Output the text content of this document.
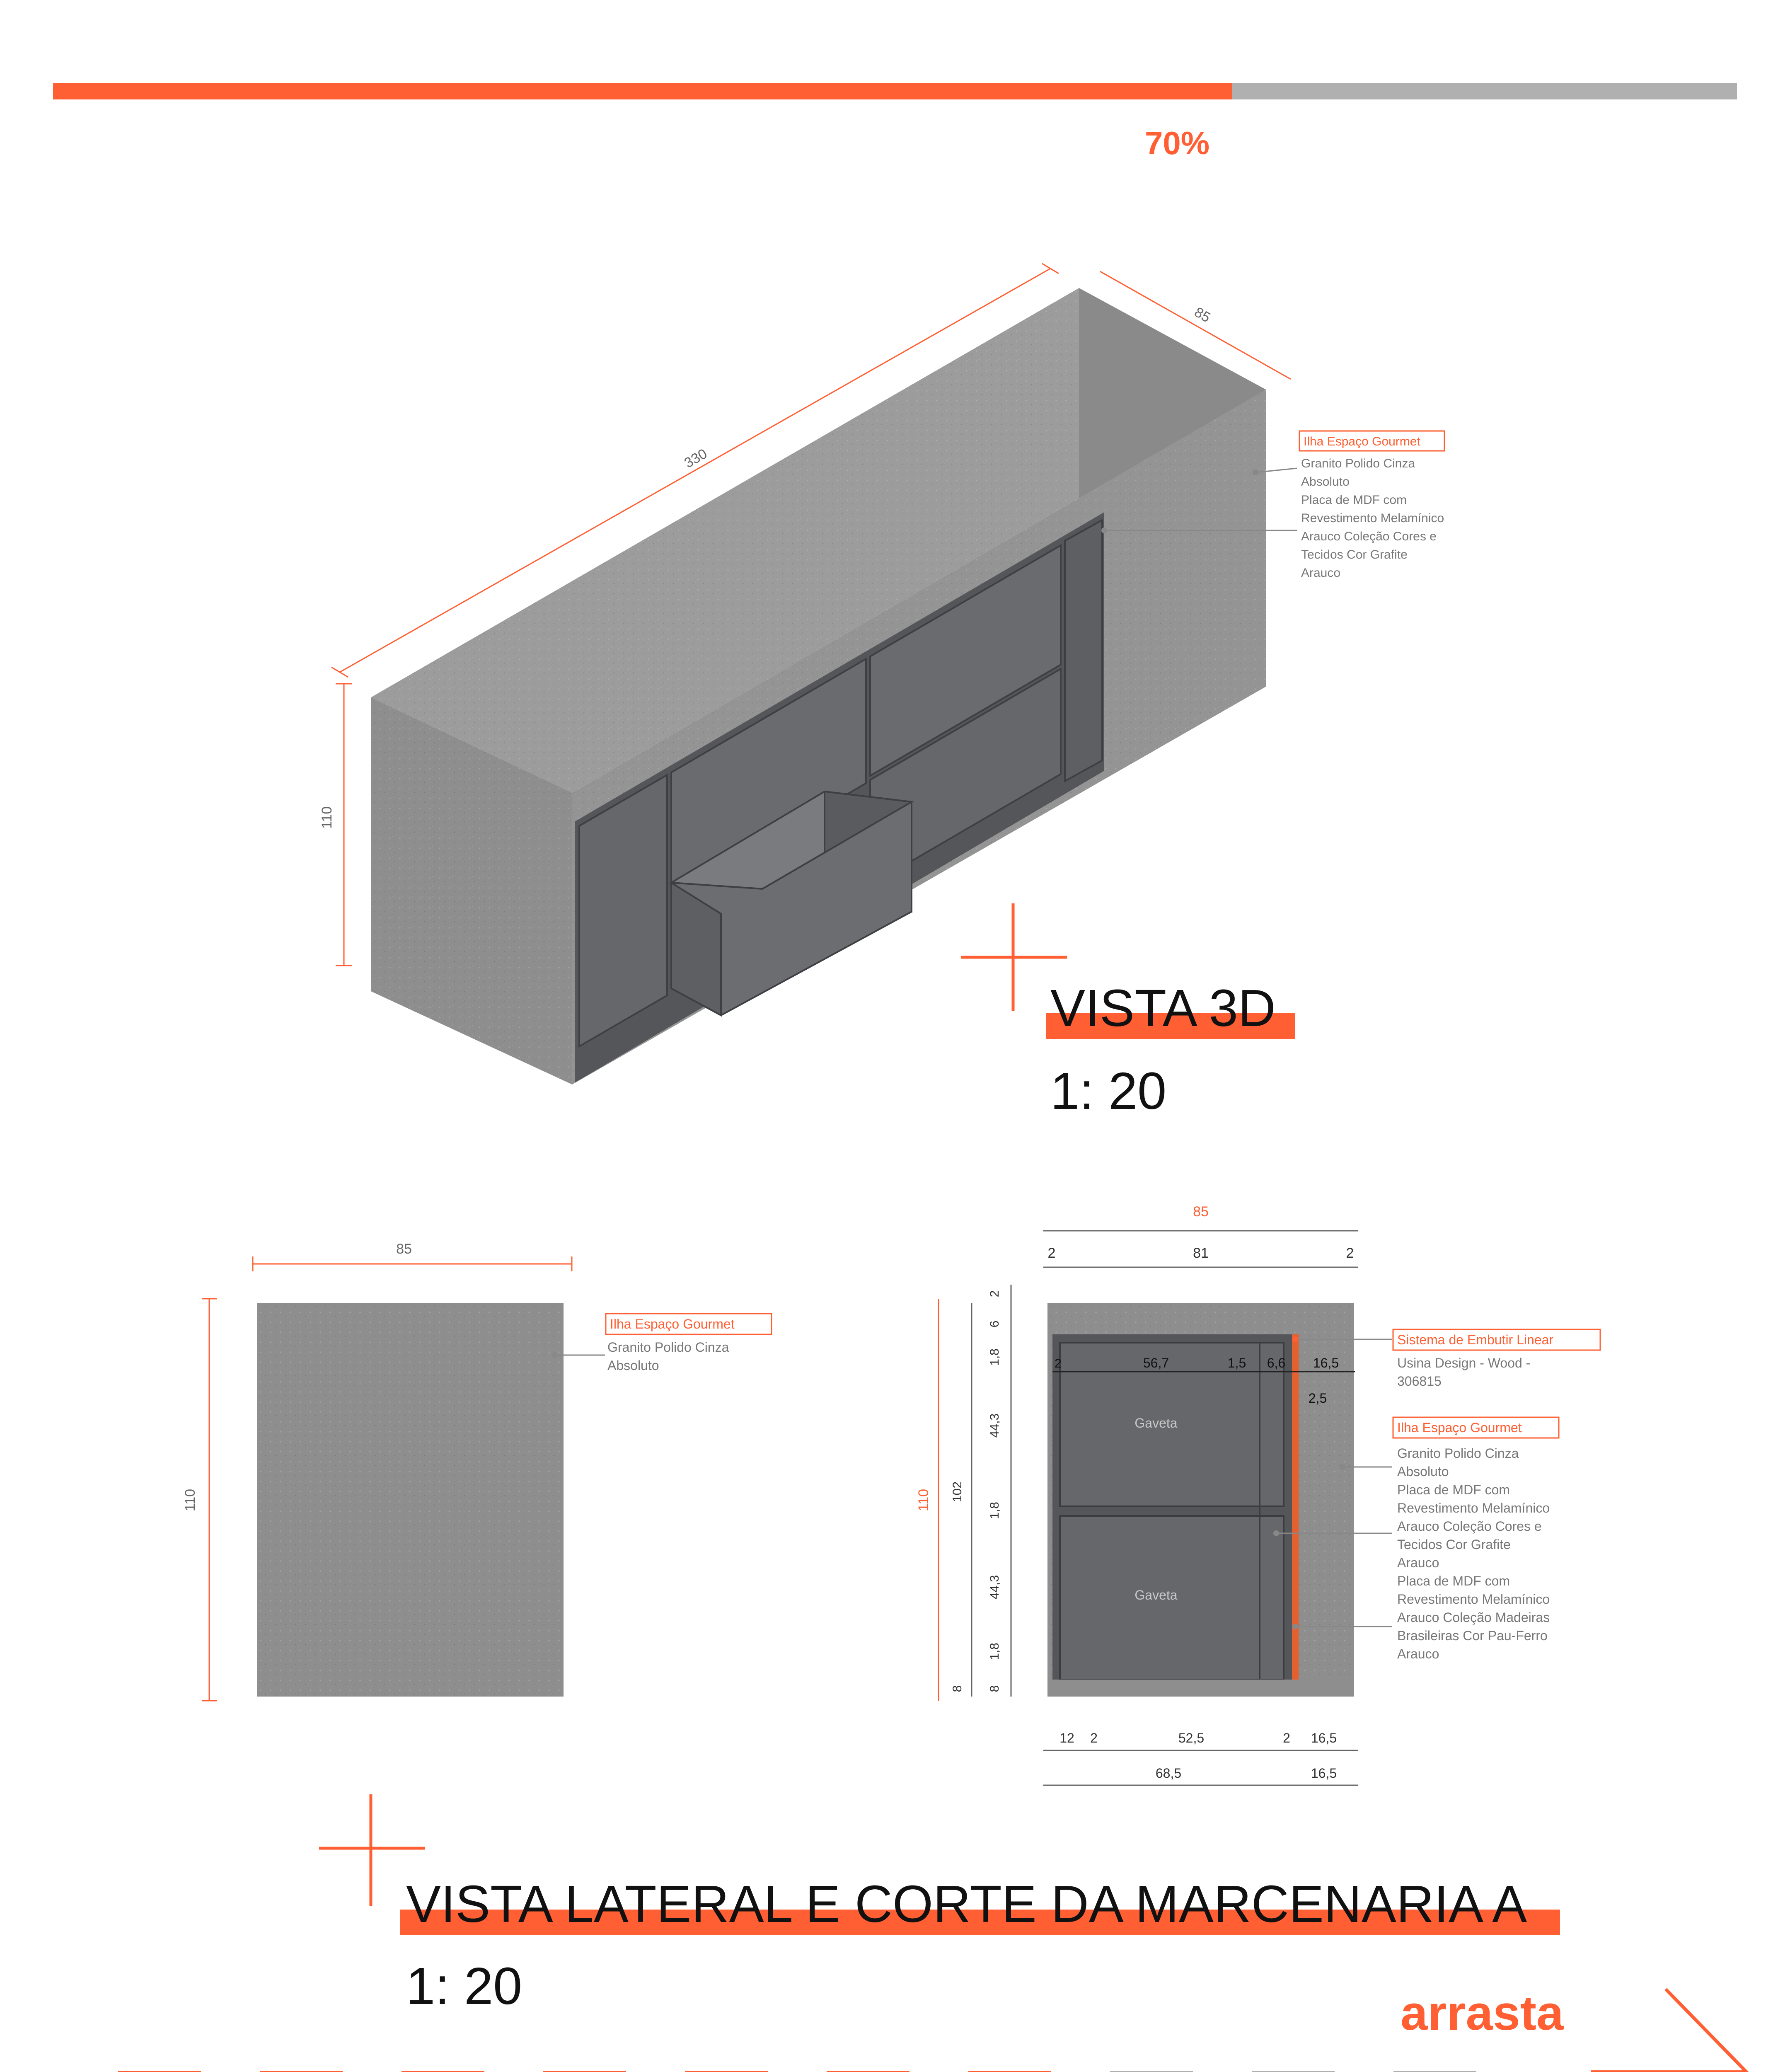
70%
330
85
110
Ilha Espaço Gourmet
Granito Polido Cinza
Absoluto
Placa de MDF com
Revestimento Melamínico
Arauco Coleção Cores e
Tecidos Cor Grafite
Arauco
VISTA 3D
1: 20
85
110
Ilha Espaço Gourmet
Granito Polido Cinza
Absoluto
Gaveta
Gaveta
85
2	81	2
2	56,7	1,5 6,6 16,5
2,5
110 102
2
6
1,8
44,3
1,8
44,3
1,8
8 8
12 2	52,5	2 16,5
68,5	16,5
Sistema de Embutir Linear
Usina Design - Wood -
306815
Ilha Espaço Gourmet
Granito Polido Cinza
Absoluto
Placa de MDF com
Revestimento Melamínico
Arauco Coleção Cores e
Tecidos Cor Grafite
Arauco
Placa de MDF com
Revestimento Melamínico
Arauco Coleção Madeiras
Brasileiras Cor Pau-Ferro
Arauco
VISTA LATERAL E CORTE DA MARCENARIA A
1: 20	arrasta
